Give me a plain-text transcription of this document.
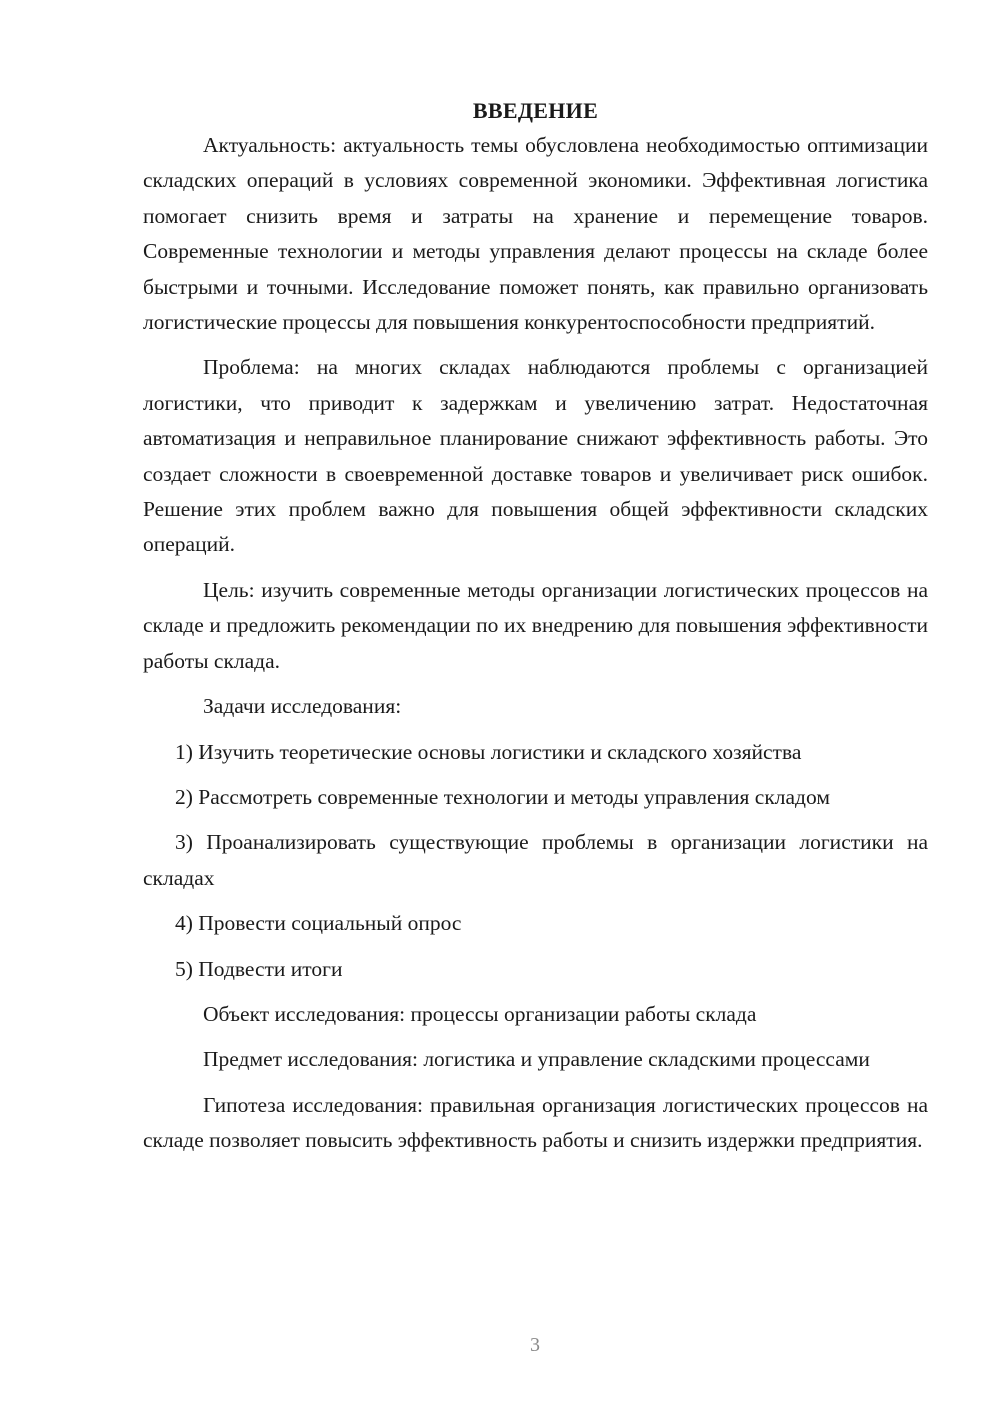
ВВЕДЕНИЕ

Актуальность: актуальность темы обусловлена необходимостью оптимизации складских операций в условиях современной экономики. Эффективная логистика помогает снизить время и затраты на хранение и перемещение товаров. Современные технологии и методы управления делают процессы на складе более быстрыми и точными. Исследование поможет понять, как правильно организовать логистические процессы для повышения конкурентоспособности предприятий.

Проблема: на многих складах наблюдаются проблемы с организацией логистики, что приводит к задержкам и увеличению затрат. Недостаточная автоматизация и неправильное планирование снижают эффективность работы. Это создает сложности в своевременной доставке товаров и увеличивает риск ошибок. Решение этих проблем важно для повышения общей эффективности складских операций.

Цель: изучить современные методы организации логистических процессов на складе и предложить рекомендации по их внедрению для повышения эффективности работы склада.

Задачи исследования:

1) Изучить теоретические основы логистики и складского хозяйства

2) Рассмотреть современные технологии и методы управления складом

3) Проанализировать существующие проблемы в организации логистики на складах

4) Провести социальный опрос

5) Подвести итоги

Объект исследования: процессы организации работы склада

Предмет исследования: логистика и управление складскими процессами

Гипотеза исследования: правильная организация логистических процессов на складе позволяет повысить эффективность работы и снизить издержки предприятия.

3
